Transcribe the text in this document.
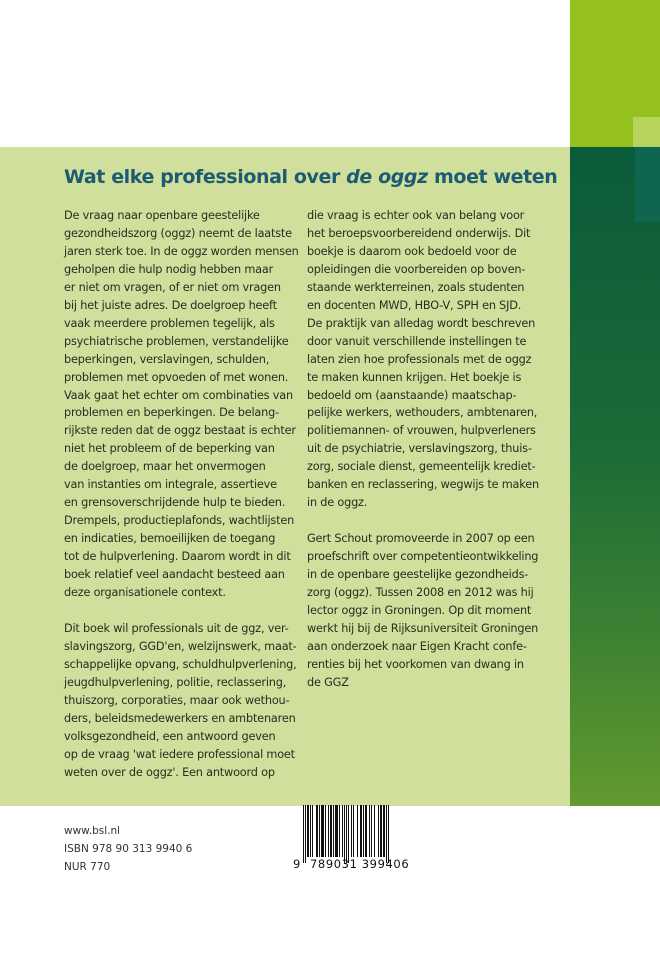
Wat elke professional over de oggz moet weten

De vraag naar openbare geestelijke
gezondheidszorg (oggz) neemt de laatste
jaren sterk toe. In de oggz worden mensen
geholpen die hulp nodig hebben maar
er niet om vragen, of er niet om vragen
bij het juiste adres. De doelgroep heeft
vaak meerdere problemen tegelijk, als
psychiatrische problemen, verstandelijke
beperkingen, verslavingen, schulden,
problemen met opvoeden of met wonen.
Vaak gaat het echter om combinaties van
problemen en beperkingen. De belang-
rijkste reden dat de oggz bestaat is echter
niet het probleem of de beperking van
de doelgroep, maar het onvermogen
van instanties om integrale, assertieve
en grensoverschrijdende hulp te bieden.
Drempels, productieplafonds, wachtlijsten
en indicaties, bemoeilijken de toegang
tot de hulpverlening. Daarom wordt in dit
boek relatief veel aandacht besteed aan
deze organisationele context.

Dit boek wil professionals uit de ggz, ver-
slavingszorg, GGD'en, welzijnswerk, maat-
schappelijke opvang, schuldhulpverlening,
jeugdhulpverlening, politie, reclassering,
thuiszorg, corporaties, maar ook wethou-
ders, beleidsmedewerkers en ambtenaren
volksgezondheid, een antwoord geven
op de vraag 'wat iedere professional moet
weten over de oggz'. Een antwoord op

die vraag is echter ook van belang voor
het beroepsvoorbereidend onderwijs. Dit
boekje is daarom ook bedoeld voor de
opleidingen die voorbereiden op boven-
staande werkterreinen, zoals studenten
en docenten MWD, HBO-V, SPH en SJD.
De praktijk van alledag wordt beschreven
door vanuit verschillende instellingen te
laten zien hoe professionals met de oggz
te maken kunnen krijgen. Het boekje is
bedoeld om (aanstaande) maatschap-
pelijke werkers, wethouders, ambtenaren,
politiemannen- of vrouwen, hulpverleners
uit de psychiatrie, verslavingszorg, thuis-
zorg, sociale dienst, gemeentelijk krediet-
banken en reclassering, wegwijs te maken
in de oggz.

Gert Schout promoveerde in 2007 op een
proefschrift over competentieontwikkeling
in de openbare geestelijke gezondheids-
zorg (oggz). Tussen 2008 en 2012 was hij
lector oggz in Groningen. Op dit moment
werkt hij bij de Rijksuniversiteit Groningen
aan onderzoek naar Eigen Kracht confe-
renties bij het voorkomen van dwang in
de GGZ

www.bsl.nl
ISBN 978 90 313 9940 6
NUR 770	9 789031 399406
